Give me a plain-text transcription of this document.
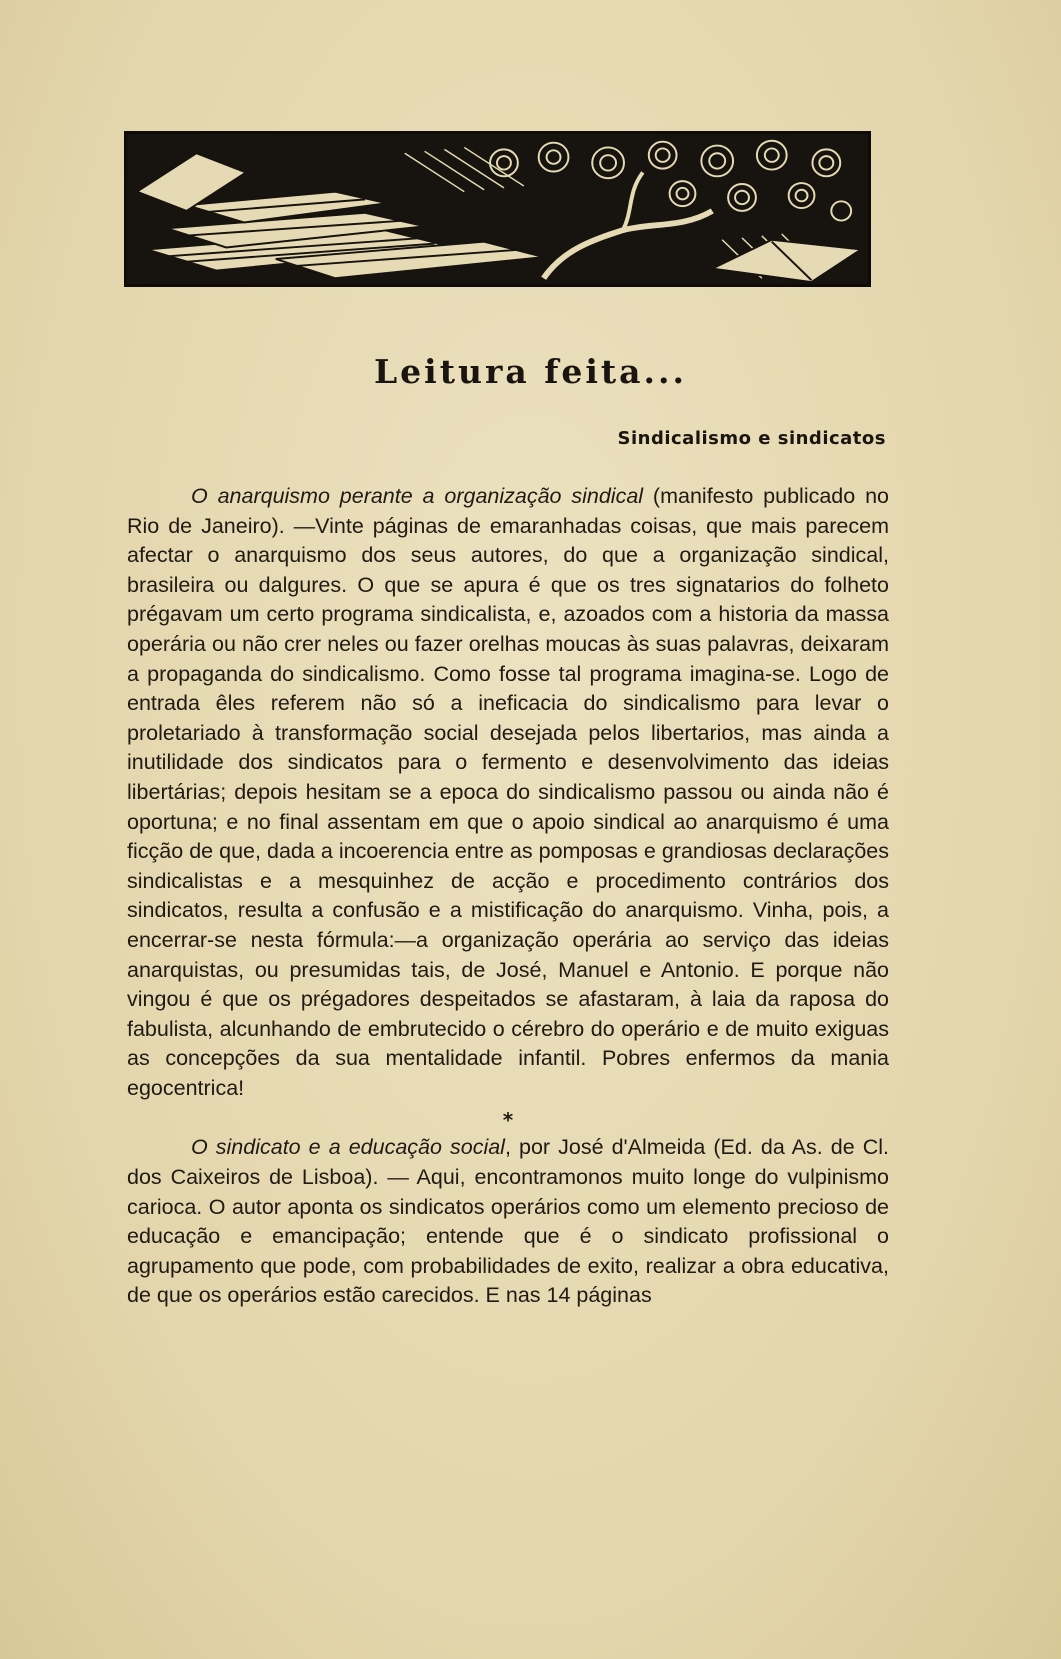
Leitura feita...
Sindicalismo e sindicatos

O anarquismo perante a organização sindical (manifesto publicado no Rio de Janeiro). —Vinte páginas de emaranhadas coisas, que mais parecem afectar o anarquismo dos seus autores, do que a organização sindical, brasileira ou dalgures. O que se apura é que os tres signatarios do folheto prégavam um certo programa sindicalista, e, azoados com a historia da massa operária ou não crer neles ou fazer orelhas moucas às suas palavras, deixaram a propaganda do sindicalismo. Como fosse tal programa imagina-se. Logo de entrada êles referem não só a ineficacia do sindicalismo para levar o proletariado à transformação social desejada pelos libertarios, mas ainda a inutilidade dos sindicatos para o fermento e desenvolvimento das ideias libertárias; depois hesitam se a epoca do sindicalismo passou ou ainda não é oportuna; e no final assentam em que o apoio sindical ao anarquismo é uma ficção de que, dada a incoerencia entre as pomposas e grandiosas declarações sindicalistas e a mesquinhez de acção e procedimento contrários dos sindicatos, resulta a confusão e a mistificação do anarquismo. Vinha, pois, a encerrar-se nesta fórmula:—a organização operária ao serviço das ideias anarquistas, ou presumidas tais, de José, Manuel e Antonio. E porque não vingou é que os prégadores despeitados se afastaram, à laia da raposa do fabulista, alcunhando de embrutecido o cérebro do operário e de muito exiguas as concepções da sua mentalidade infantil. Pobres enfermos da mania egocentrica!

*

O sindicato e a educação social, por José d'Almeida (Ed. da As. de Cl. dos Caixeiros de Lisboa). — Aqui, encontramonos muito longe do vulpinismo carioca. O autor aponta os sindicatos operários como um elemento precioso de educação e emancipação; entende que é o sindicato profissional o agrupamento que pode, com probabilidades de exito, realizar a obra educativa, de que os operários estão carecidos. E nas 14 páginas
